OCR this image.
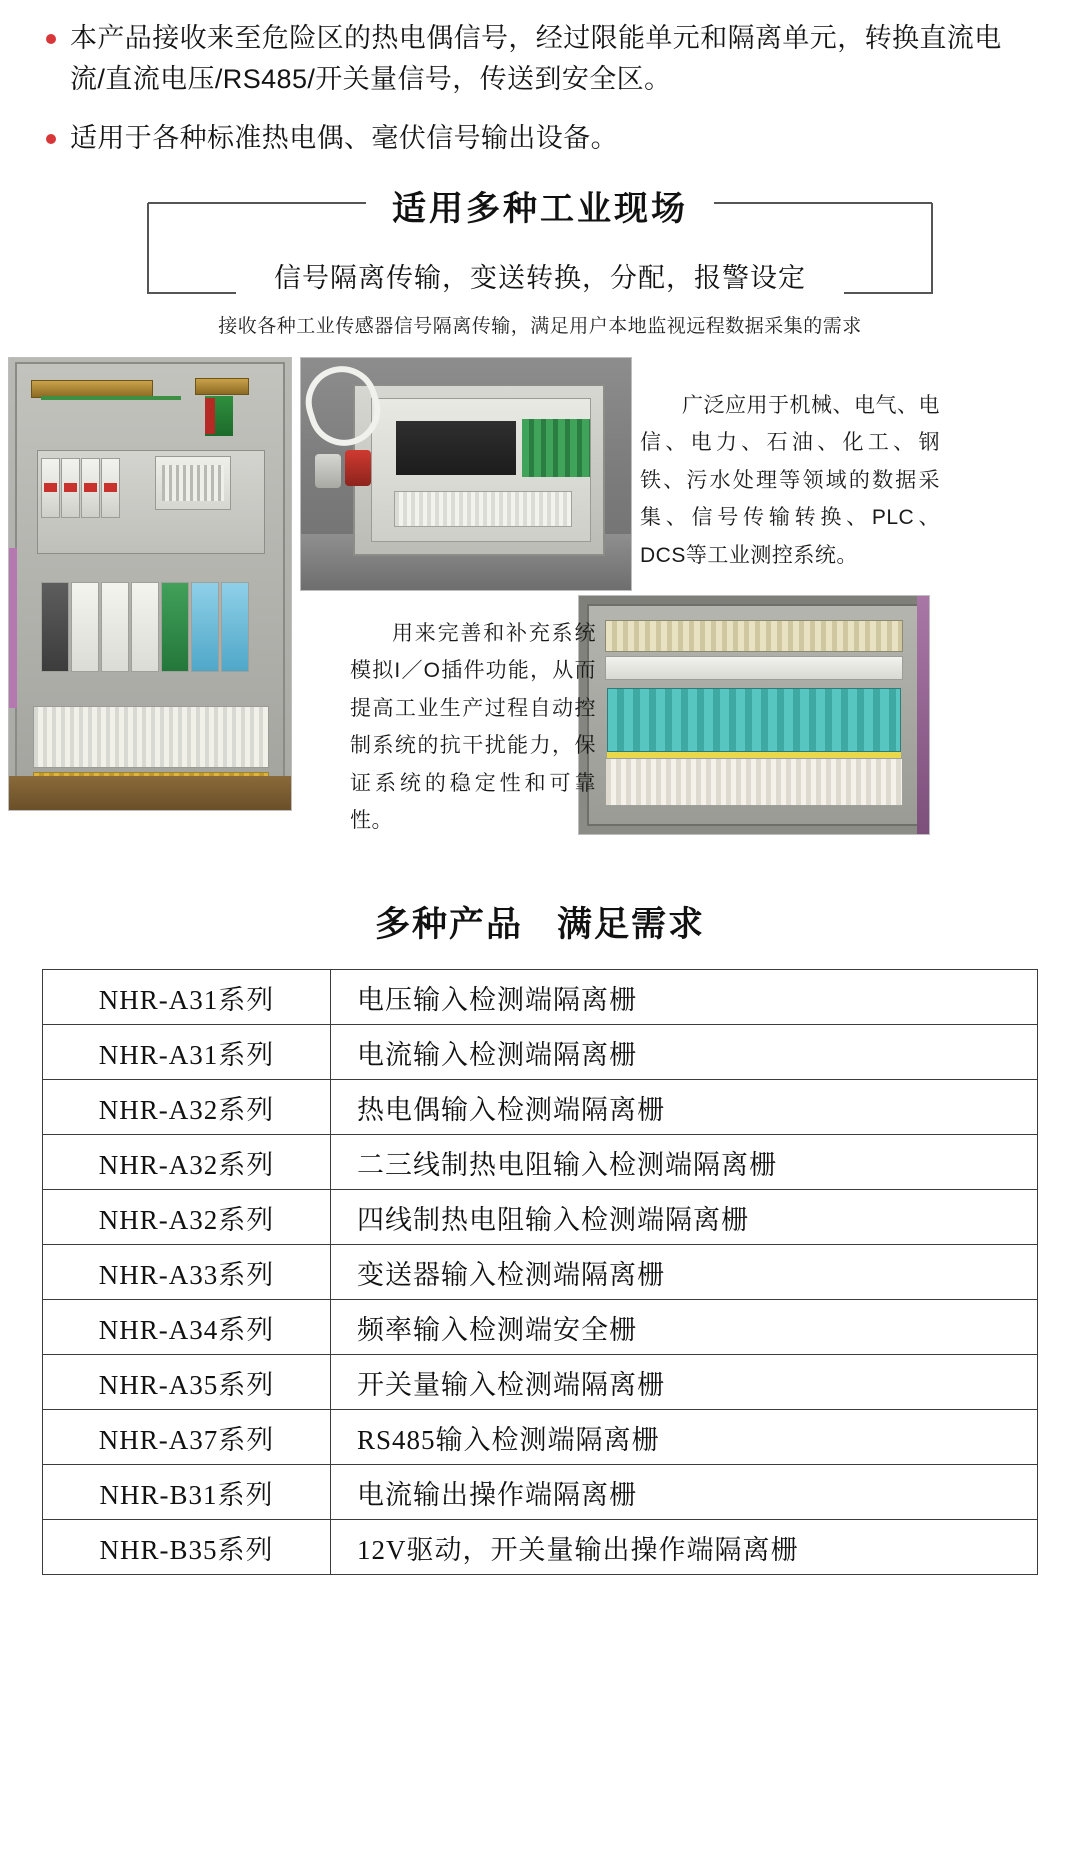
本产品接收来至危险区的热电偶信号，经过限能单元和隔离单元，转换直流电流/直流电压/RS485/开关量信号，传送到安全区。
适用于各种标准热电偶、毫伏信号输出设备。
适用多种工业现场
信号隔离传输，变送转换，分配，报警设定
接收各种工业传感器信号隔离传输，满足用户本地监视远程数据采集的需求
广泛应用于机械、电气、电信、电力、石油、化工、钢铁、污水处理等领域的数据采集、信号传输转换、PLC、DCS等工业测控系统。
用来完善和补充系统模拟I／O插件功能，从而提高工业生产过程自动控制系统的抗干扰能力，保证系统的稳定性和可靠性。
多种产品 满足需求
NHR-A31系列	电压输入检测端隔离栅
NHR-A31系列	电流输入检测端隔离栅
NHR-A32系列	热电偶输入检测端隔离栅
NHR-A32系列	二三线制热电阻输入检测端隔离栅
NHR-A32系列	四线制热电阻输入检测端隔离栅
NHR-A33系列	变送器输入检测端隔离栅
NHR-A34系列	频率输入检测端安全栅
NHR-A35系列	开关量输入检测端隔离栅
NHR-A37系列	RS485输入检测端隔离栅
NHR-B31系列	电流输出操作端隔离栅
NHR-B35系列	12V驱动，开关量输出操作端隔离栅
